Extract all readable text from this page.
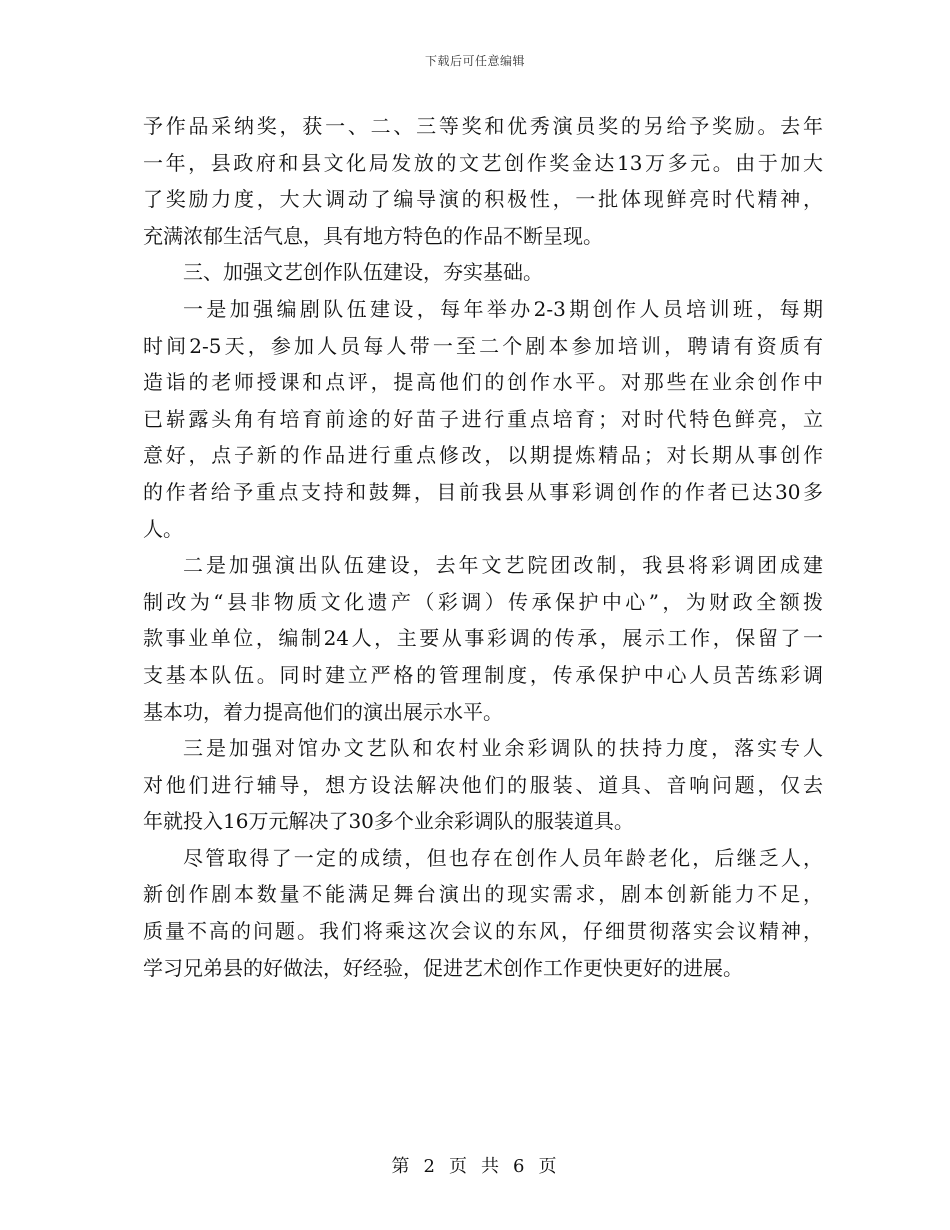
下载后可任意编辑
予作品采纳奖，获一、二、三等奖和优秀演员奖的另给予奖励。去年
一年，县政府和县文化局发放的文艺创作奖金达13万多元。由于加大
了奖励力度，大大调动了编导演的积极性，一批体现鲜亮时代精神，
充满浓郁生活气息，具有地方特色的作品不断呈现。
三、加强文艺创作队伍建设，夯实基础。
一是加强编剧队伍建设，每年举办2-3期创作人员培训班，每期
时间2-5天，参加人员每人带一至二个剧本参加培训，聘请有资质有
造诣的老师授课和点评，提高他们的创作水平。对那些在业余创作中
已崭露头角有培育前途的好苗子进行重点培育；对时代特色鲜亮，立
意好，点子新的作品进行重点修改，以期提炼精品；对长期从事创作
的作者给予重点支持和鼓舞，目前我县从事彩调创作的作者已达30多
人。
二是加强演出队伍建设，去年文艺院团改制，我县将彩调团成建
制改为“县非物质文化遗产（彩调）传承保护中心”，为财政全额拨
款事业单位，编制24人，主要从事彩调的传承，展示工作，保留了一
支基本队伍。同时建立严格的管理制度，传承保护中心人员苦练彩调
基本功，着力提高他们的演出展示水平。
三是加强对馆办文艺队和农村业余彩调队的扶持力度，落实专人
对他们进行辅导，想方设法解决他们的服装、道具、音响问题，仅去
年就投入16万元解决了30多个业余彩调队的服装道具。
尽管取得了一定的成绩，但也存在创作人员年龄老化，后继乏人，
新创作剧本数量不能满足舞台演出的现实需求，剧本创新能力不足，
质量不高的问题。我们将乘这次会议的东风，仔细贯彻落实会议精神，
学习兄弟县的好做法，好经验，促进艺术创作工作更快更好的进展。
第 2 页 共 6 页
